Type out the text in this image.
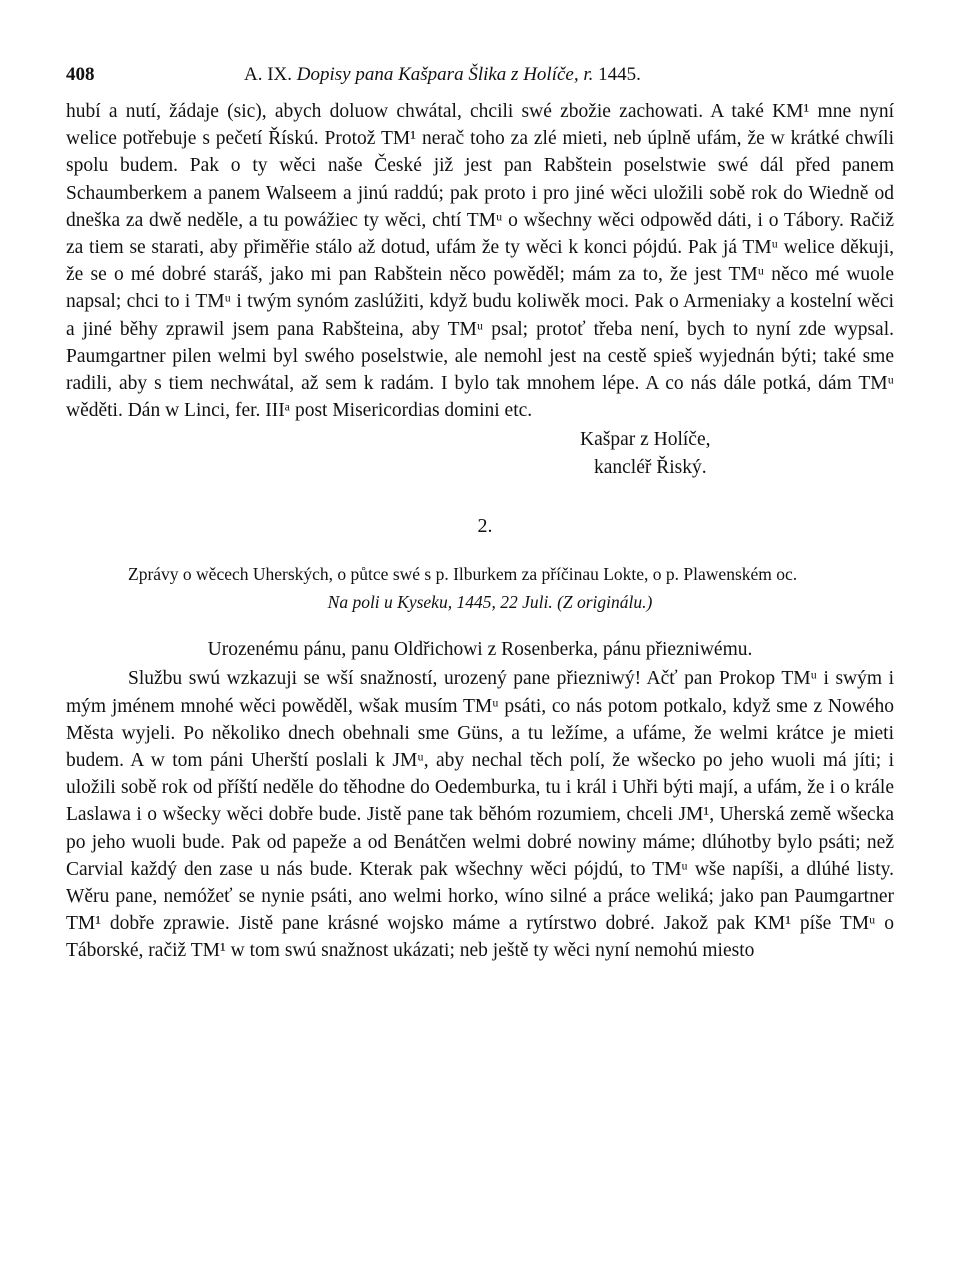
408	A. IX. Dopisy pana Kašpara Šlika z Holíče, r. 1445.

hubí a nutí, žádaje (sic), abych doluow chwátal, chcili swé zbožie zachowati. A také KM¹ mne nyní welice potřebuje s pečetí Řískú. Protož TM¹ nerač toho za zlé mieti, neb úplně ufám, že w krátké chwíli spolu budem. Pak o ty wěci naše České již jest pan Rabštein poselstwie swé dál před panem Schaumberkem a panem Walseem a jinú raddú; pak proto i pro jiné wěci uložili sobě rok do Wiedně od dneška za dwě neděle, a tu powážiec ty wěci, chtí TMᵘ o wšechny wěci odpowěd dáti, i o Tábory. Račiž za tiem se starati, aby přiměřie stálo až dotud, ufám že ty wěci k konci pójdú. Pak já TMᵘ welice děkuji, že se o mé dobré staráš, jako mi pan Rabštein něco powěděl; mám za to, že jest TMᵘ něco mé wuole napsal; chci to i TMᵘ i twým synóm zaslúžiti, když budu koliwěk moci. Pak o Armeniaky a kostelní wěci a jiné běhy zprawil jsem pana Rabšteina, aby TMᵘ psal; protoť třeba není, bych to nyní zde wypsal. Paumgartner pilen welmi byl swého poselstwie, ale nemohl jest na cestě spieš wyjednán býti; také sme radili, aby s tiem nechwátal, až sem k radám. I bylo tak mnohem lépe. A co nás dále potká, dám TMᵘ wěděti. Dán w Linci, fer. IIIᵃ post Misericordias domini etc.

Kašpar z Holíče,
kancléř Řiský.
2.

Zprávy o wěcech Uherských, o půtce swé s p. Ilburkem za příčinau Lokte, o p. Plawenském oc.

Na poli u Kyseku, 1445, 22 Juli. (Z originálu.)
Urozenému pánu, panu Oldřichowi z Rosenberka, pánu přiezniwému.

Službu swú wzkazuji se wší snažností, urozený pane přiezniwý! Ačť pan Prokop TMᵘ i swým i mým jménem mnohé wěci powěděl, wšak musím TMᵘ psáti, co nás potom potkalo, když sme z Nowého Města wyjeli. Po několiko dnech obehnali sme Güns, a tu ležíme, a ufáme, že welmi krátce je mieti budem. A w tom páni Uherští poslali k JMᵘ, aby nechal těch polí, že wšecko po jeho wuoli má jíti; i uložili sobě rok od příští neděle do těhodne do Oedemburka, tu i král i Uhři býti mají, a ufám, že i o krále Laslawa i o wšecky wěci dobře bude. Jistě pane tak běhóm rozumiem, chceli JM¹, Uherská země wšecka po jeho wuoli bude. Pak od papeže a od Benátčen welmi dobré nowiny máme; dlúhotby bylo psáti; než Carvial každý den zase u nás bude. Kterak pak wšechny wěci pójdú, to TMᵘ wše napíši, a dlúhé listy. Wěru pane, nemóžeť se nynie psáti, ano welmi horko, wíno silné a práce weliká; jako pan Paumgartner TM¹ dobře zprawie. Jistě pane krásné wojsko máme a rytírstwo dobré. Jakož pak KM¹ píše TMᵘ o Táborské, račiž TM¹ w tom swú snažnost ukázati; neb ještě ty wěci nyní nemohú miesto
